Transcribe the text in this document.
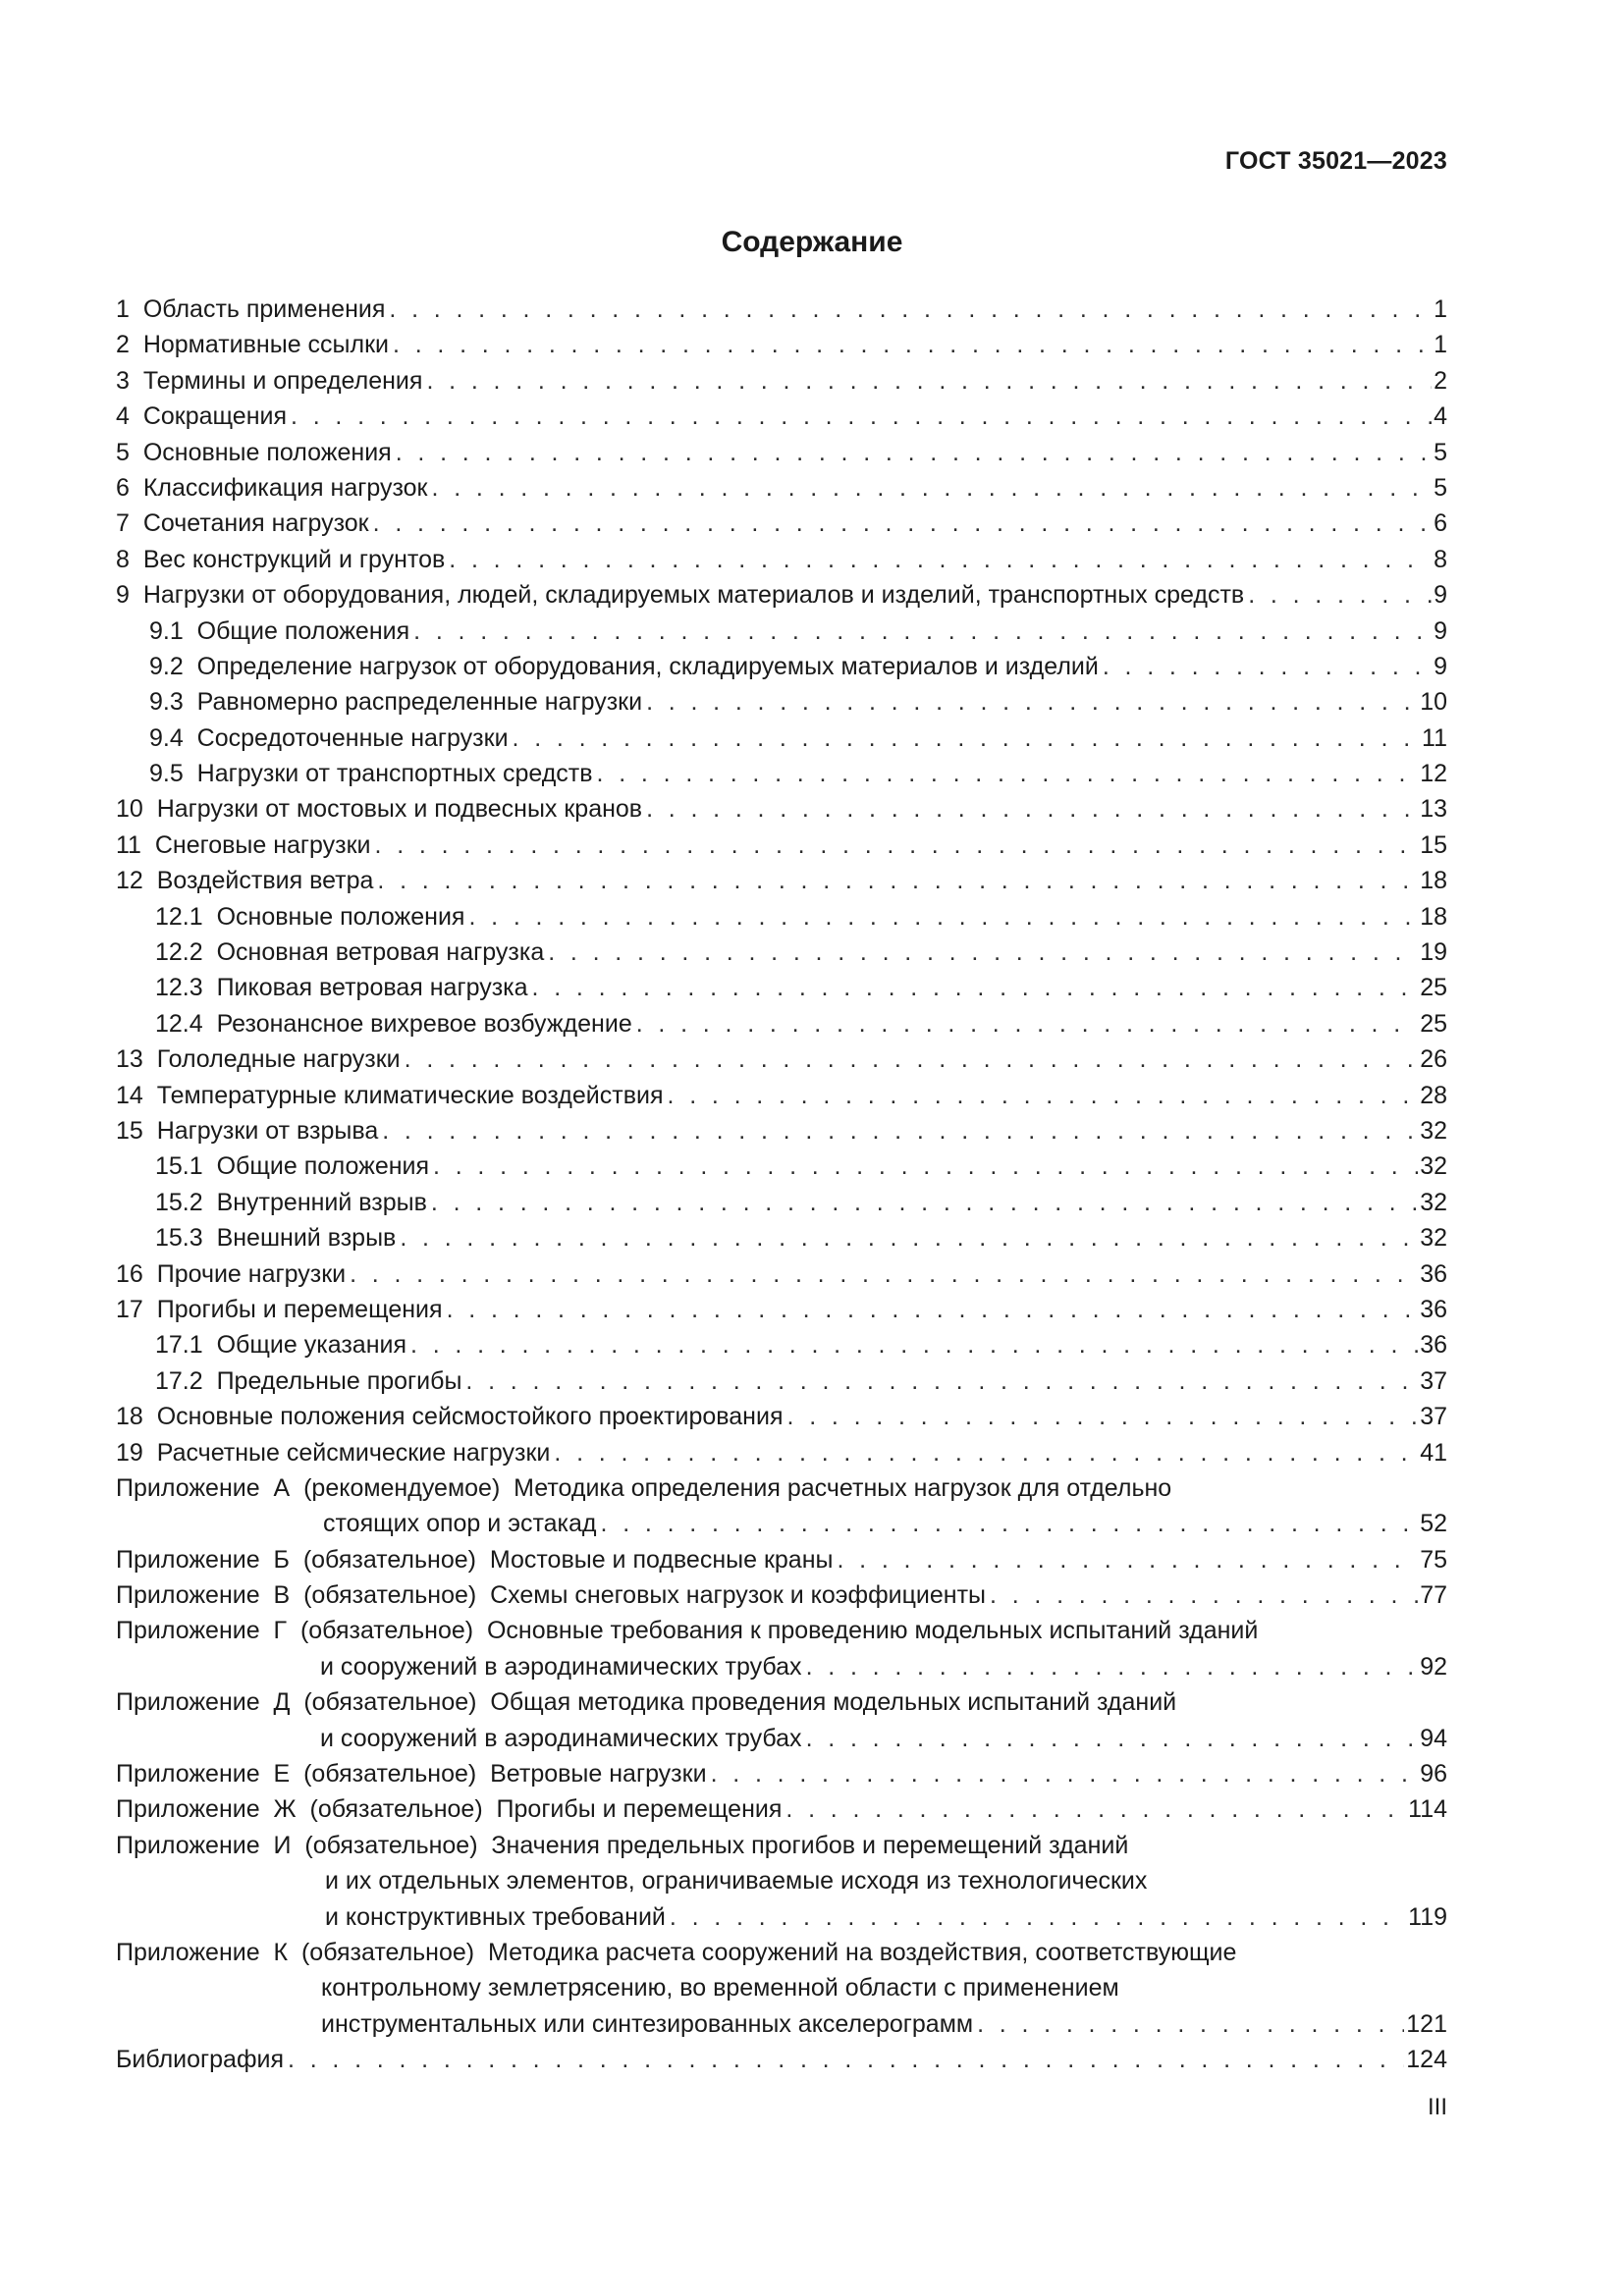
ГОСТ 35021—2023
Содержание
1 Область применения . . .	1
2 Нормативные ссылки . . .	1
3 Термины и определения . . .	2
4 Сокращения . . .	4
5 Основные положения . . .	5
6 Классификация нагрузок . . .	5
7 Сочетания нагрузок . . .	6
8 Вес конструкций и грунтов . . .	8
9 Нагрузки от оборудования, людей, складируемых материалов и изделий, транспортных средств . . .	9
9.1 Общие положения . . .	9
9.2 Определение нагрузок от оборудования, складируемых материалов и изделий . . .	9
9.3 Равномерно распределенные нагрузки . . .	10
9.4 Сосредоточенные нагрузки . . .	11
9.5 Нагрузки от транспортных средств . . .	12
10 Нагрузки от мостовых и подвесных кранов . . .	13
11 Снеговые нагрузки . . .	15
12 Воздействия ветра . . .	18
12.1 Основные положения . . .	18
12.2 Основная ветровая нагрузка . . .	19
12.3 Пиковая ветровая нагрузка . . .	25
12.4 Резонансное вихревое возбуждение . . .	25
13 Гололедные нагрузки . . .	26
14 Температурные климатические воздействия . . .	28
15 Нагрузки от взрыва . . .	32
15.1 Общие положения . . .	32
15.2 Внутренний взрыв . . .	32
15.3 Внешний взрыв . . .	32
16 Прочие нагрузки . . .	36
17 Прогибы и перемещения . . .	36
17.1 Общие указания . . .	36
17.2 Предельные прогибы . . .	37
18 Основные положения сейсмостойкого проектирования . . .	37
19 Расчетные сейсмические нагрузки . . .	41
Приложение  А  (рекомендуемое)  Методика определения расчетных нагрузок для отдельно
стоящих опор и эстакад . . .	52
Приложение  Б  (обязательное)  Мостовые и подвесные краны . . .	75
Приложение  В  (обязательное)  Схемы снеговых нагрузок и коэффициенты . . .	77
Приложение  Г  (обязательное)  Основные требования к проведению модельных испытаний зданий
и сооружений в аэродинамических трубах . . .	92
Приложение  Д  (обязательное)  Общая методика проведения модельных испытаний зданий
и сооружений в аэродинамических трубах . . .	94
Приложение  Е  (обязательное)  Ветровые нагрузки . . .	96
Приложение  Ж  (обязательное)  Прогибы и перемещения . . .	114
Приложение  И  (обязательное)  Значения предельных прогибов и перемещений зданий
и их отдельных элементов, ограничиваемые исходя из технологических
и конструктивных требований . . .	119
Приложение  К  (обязательное)  Методика расчета сооружений на воздействия, соответствующие
контрольному землетрясению, во временной области с применением
инструментальных или синтезированных акселерограмм . . .	121
Библиография . . .	124
III
